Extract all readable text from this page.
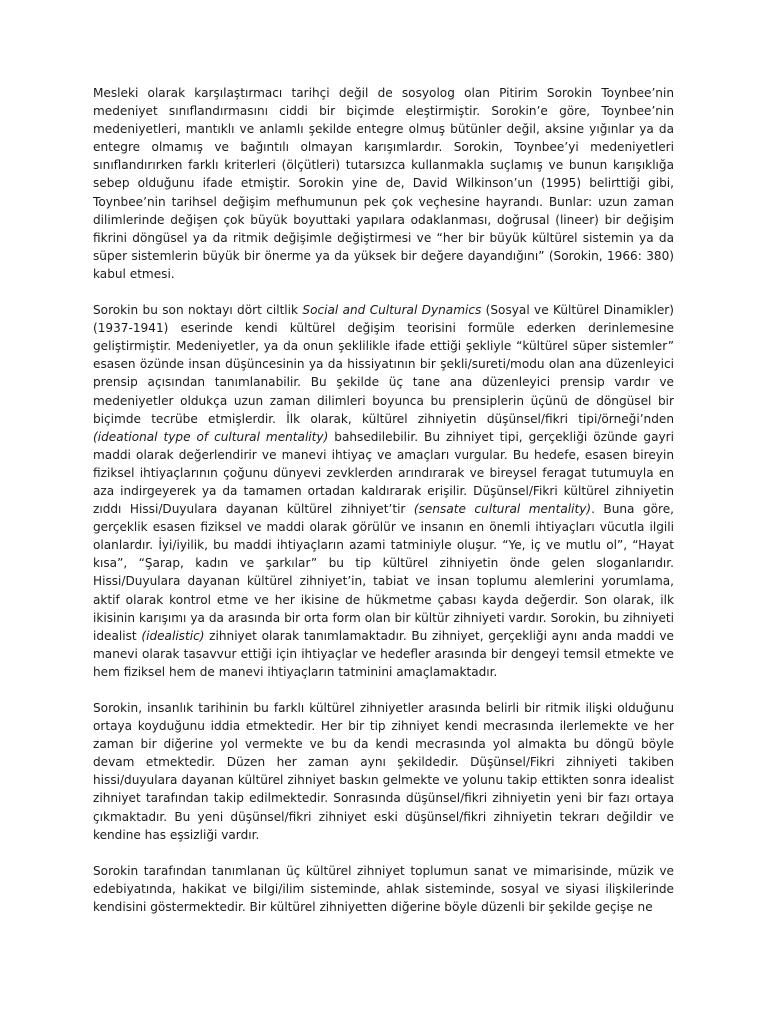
Mesleki olarak karşılaştırmacı tarihçi değil de sosyolog olan Pitirim Sorokin Toynbee’nin medeniyet sınıflandırmasını ciddi bir biçimde eleştirmiştir. Sorokin’e göre, Toynbee’nin medeniyetleri, mantıklı ve anlamlı şekilde entegre olmuş bütünler değil, aksine yığınlar ya da entegre olmamış ve bağıntılı olmayan karışımlardır. Sorokin, Toynbee’yi medeniyetleri sınıflandırırken farklı kriterleri (ölçütleri) tutarsızca kullanmakla suçlamış ve bunun karışıklığa sebep olduğunu ifade etmiştir. Sorokin yine de, David Wilkinson’un (1995) belirttiği gibi, Toynbee’nin tarihsel değişim mefhumunun pek çok veçhesine hayrandı. Bunlar: uzun zaman dilimlerinde değişen çok büyük boyuttaki yapılara odaklanması, doğrusal (lineer) bir değişim fikrini döngüsel ya da ritmik değişimle değiştirmesi ve “her bir büyük kültürel sistemin ya da süper sistemlerin büyük bir önerme ya da yüksek bir değere dayandığını” (Sorokin, 1966: 380) kabul etmesi.

Sorokin bu son noktayı dört ciltlik Social and Cultural Dynamics (Sosyal ve Kültürel Dinamikler) (1937-1941) eserinde kendi kültürel değişim teorisini formüle ederken derinlemesine geliştirmiştir. Medeniyetler, ya da onun şeklilikle ifade ettiği şekliyle “kültürel süper sistemler” esasen özünde insan düşüncesinin ya da hissiyatının bir şekli/sureti/modu olan ana düzenleyici prensip açısından tanımlanabilir. Bu şekilde üç tane ana düzenleyici prensip vardır ve medeniyetler oldukça uzun zaman dilimleri boyunca bu prensiplerin üçünü de döngüsel bir biçimde tecrübe etmişlerdir. İlk olarak, kültürel zihniyetin düşünsel/fikri tipi/örneği’nden (ideational type of cultural mentality) bahsedilebilir. Bu zihniyet tipi, gerçekliği özünde gayri maddi olarak değerlendirir ve manevi ihtiyaç ve amaçları vurgular. Bu hedefe, esasen bireyin fiziksel ihtiyaçlarının çoğunu dünyevi zevklerden arındırarak ve bireysel feragat tutumuyla en aza indirgeyerek ya da tamamen ortadan kaldırarak erişilir. Düşünsel/Fikri kültürel zihniyetin zıddı Hissi/Duyulara dayanan kültürel zihniyet’tir (sensate cultural mentality). Buna göre, gerçeklik esasen fiziksel ve maddi olarak görülür ve insanın en önemli ihtiyaçları vücutla ilgili olanlardır. İyi/iyilik, bu maddi ihtiyaçların azami tatminiyle oluşur. “Ye, iç ve mutlu ol”, “Hayat kısa”, “Şarap, kadın ve şarkılar” bu tip kültürel zihniyetin önde gelen sloganlarıdır. Hissi/Duyulara dayanan kültürel zihniyet’in, tabiat ve insan toplumu alemlerini yorumlama, aktif olarak kontrol etme ve her ikisine de hükmetme çabası kayda değerdir. Son olarak, ilk ikisinin karışımı ya da arasında bir orta form olan bir kültür zihniyeti vardır. Sorokin, bu zihniyeti idealist (idealistic) zihniyet olarak tanımlamaktadır. Bu zihniyet, gerçekliği aynı anda maddi ve manevi olarak tasavvur ettiği için ihtiyaçlar ve hedefler arasında bir dengeyi temsil etmekte ve hem fiziksel hem de manevi ihtiyaçların tatminini amaçlamaktadır.

Sorokin, insanlık tarihinin bu farklı kültürel zihniyetler arasında belirli bir ritmik ilişki olduğunu ortaya koyduğunu iddia etmektedir. Her bir tip zihniyet kendi mecrasında ilerlemekte ve her zaman bir diğerine yol vermekte ve bu da kendi mecrasında yol almakta bu döngü böyle devam etmektedir. Düzen her zaman aynı şekildedir. Düşünsel/Fikri zihniyeti takiben hissi/duyulara dayanan kültürel zihniyet baskın gelmekte ve yolunu takip ettikten sonra idealist zihniyet tarafından takip edilmektedir. Sonrasında düşünsel/fikri zihniyetin yeni bir fazı ortaya çıkmaktadır. Bu yeni düşünsel/fikri zihniyet eski düşünsel/fikri zihniyetin tekrarı değildir ve kendine has eşsizliği vardır.

Sorokin tarafından tanımlanan üç kültürel zihniyet toplumun sanat ve mimarisinde, müzik ve edebiyatında, hakikat ve bilgi/ilim sisteminde, ahlak sisteminde, sosyal ve siyasi ilişkilerinde kendisini göstermektedir. Bir kültürel zihniyetten diğerine böyle düzenli bir şekilde geçişe ne
